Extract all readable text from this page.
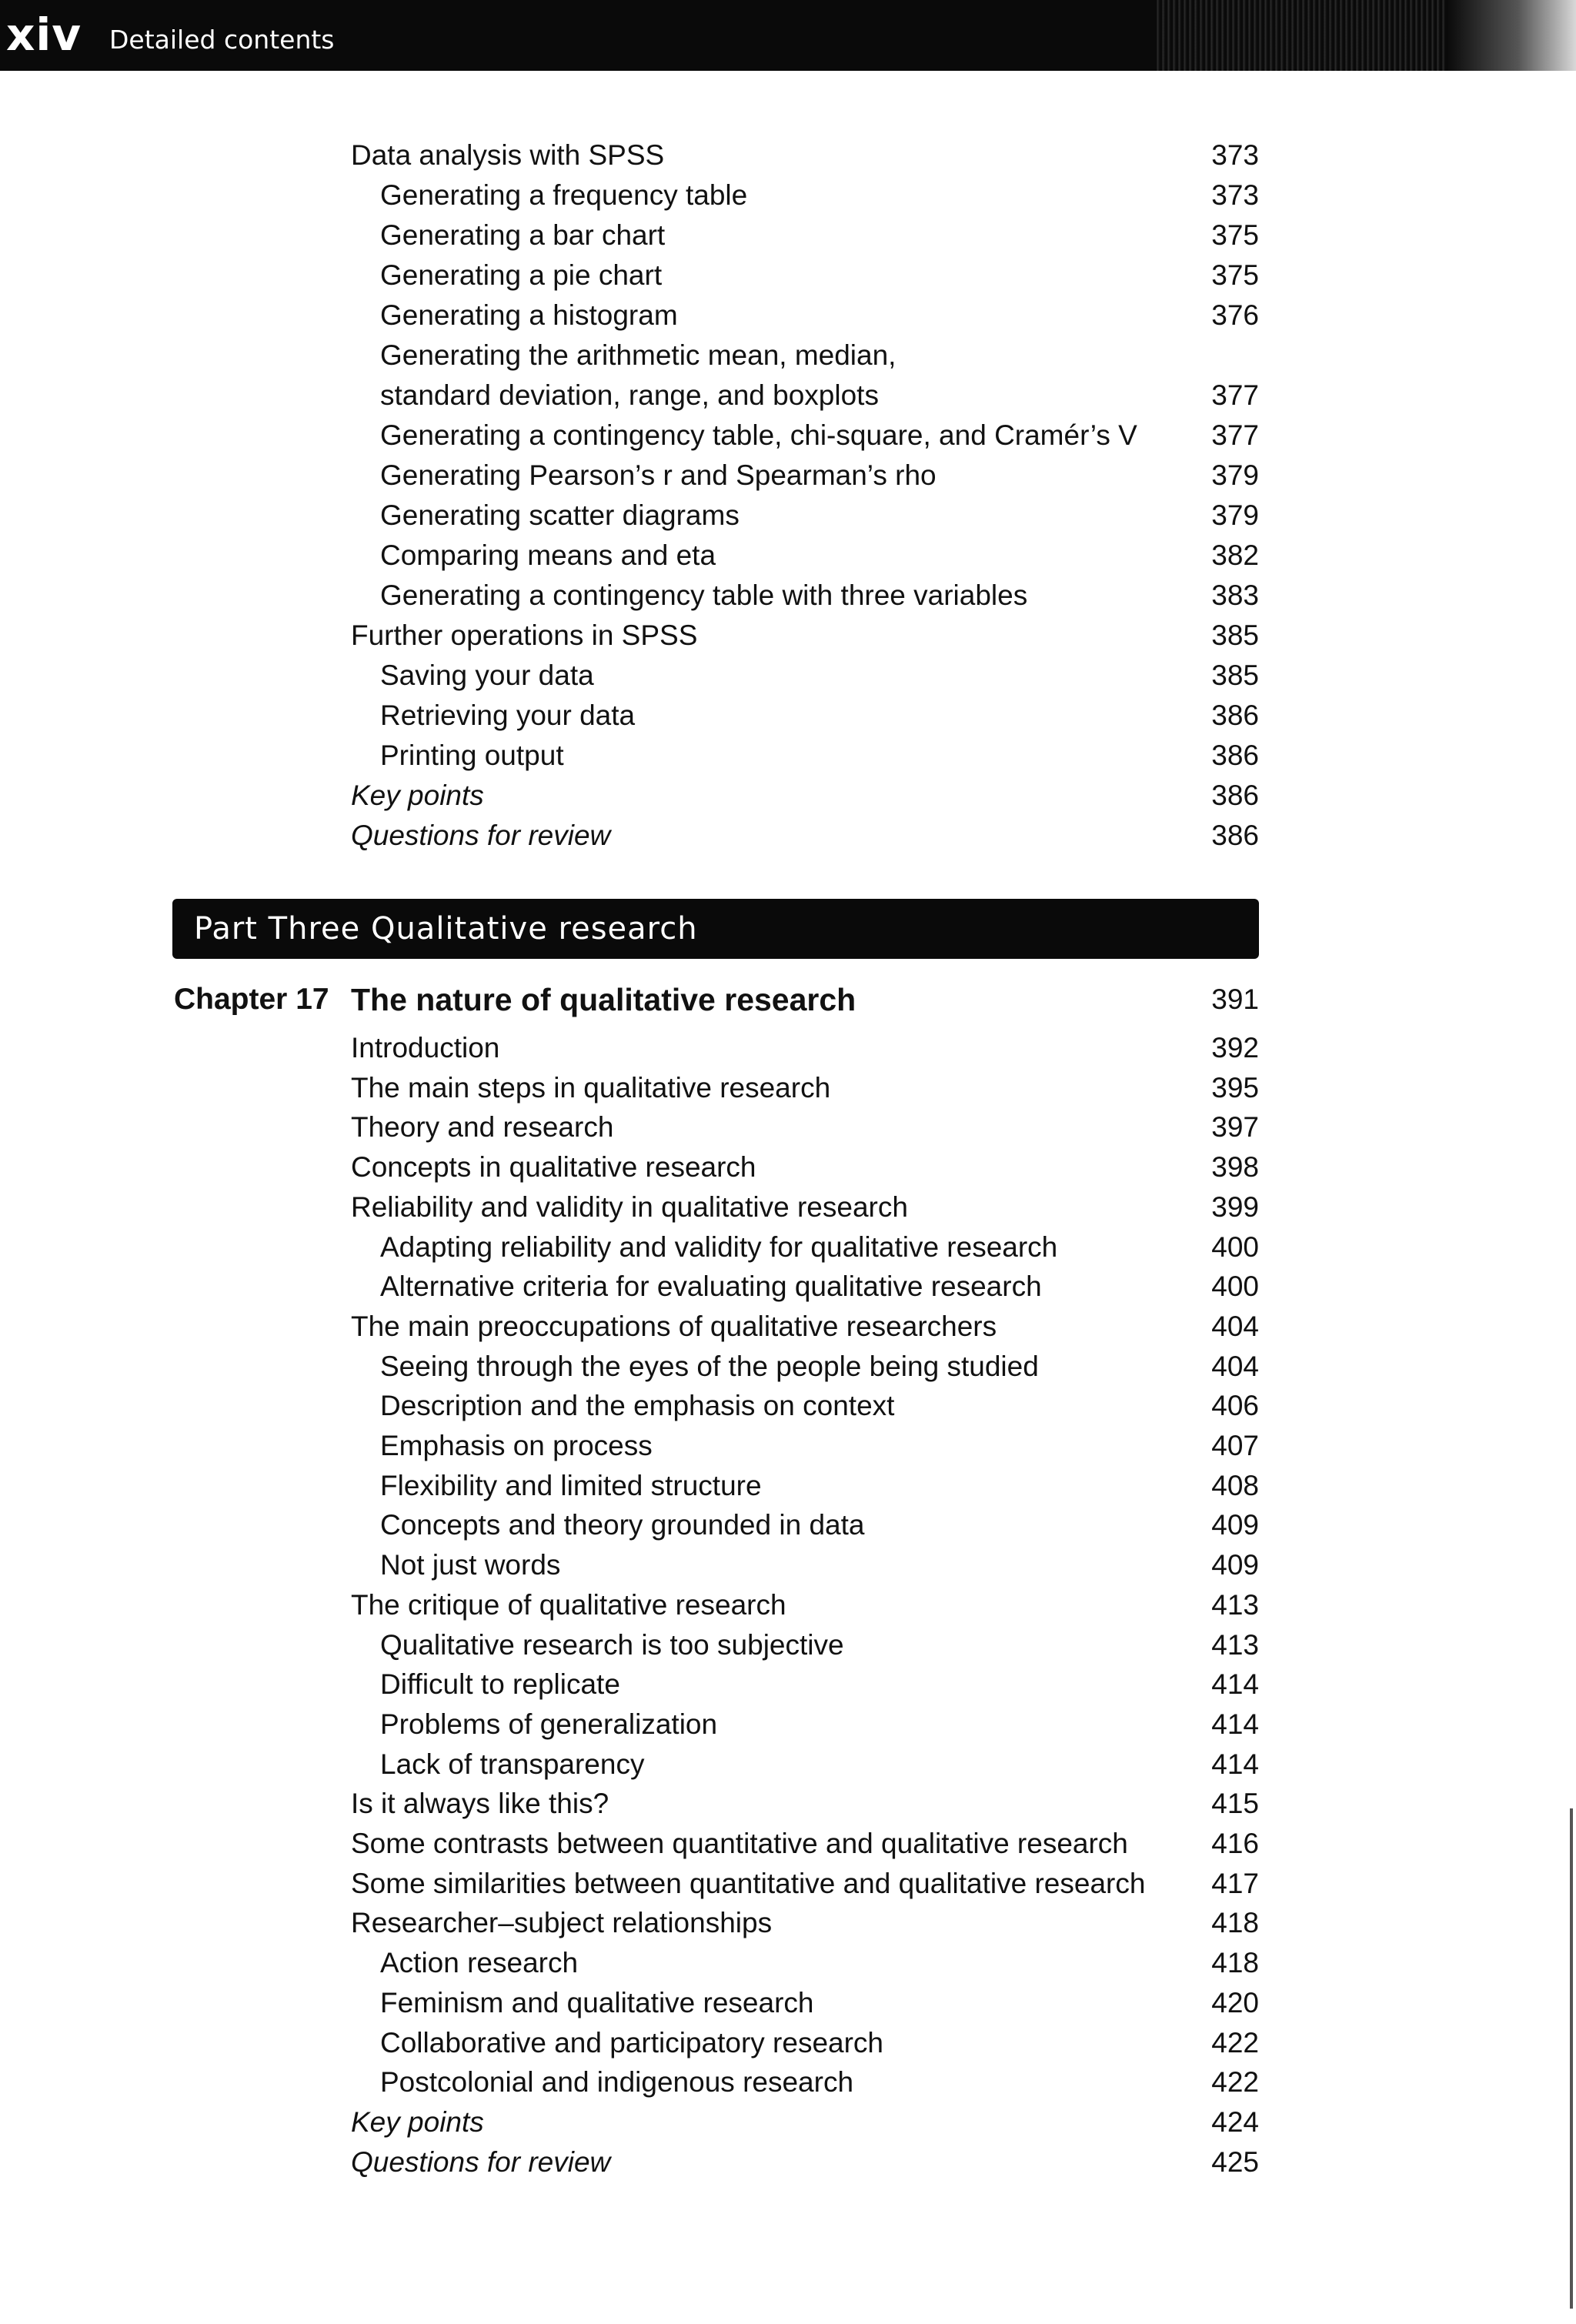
xiv Detailed contents
Data analysis with SPSS	373
Generating a frequency table	373
Generating a bar chart	375
Generating a pie chart	375
Generating a histogram	376
Generating the arithmetic mean, median,
standard deviation, range, and boxplots	377
Generating a contingency table, chi-square, and Cramér’s V	377
Generating Pearson’s r and Spearman’s rho	379
Generating scatter diagrams	379
Comparing means and eta	382
Generating a contingency table with three variables	383
Further operations in SPSS	385
Saving your data	385
Retrieving your data	386
Printing output	386
Key points	386
Questions for review	386
Part Three Qualitative research
Chapter 17 The nature of qualitative research	391
Introduction	392
The main steps in qualitative research	395
Theory and research	397
Concepts in qualitative research	398
Reliability and validity in qualitative research	399
Adapting reliability and validity for qualitative research	400
Alternative criteria for evaluating qualitative research	400
The main preoccupations of qualitative researchers	404
Seeing through the eyes of the people being studied	404
Description and the emphasis on context	406
Emphasis on process	407
Flexibility and limited structure	408
Concepts and theory grounded in data	409
Not just words	409
The critique of qualitative research	413
Qualitative research is too subjective	413
Difficult to replicate	414
Problems of generalization	414
Lack of transparency	414
Is it always like this?	415
Some contrasts between quantitative and qualitative research	416
Some similarities between quantitative and qualitative research	417
Researcher–subject relationships	418
Action research	418
Feminism and qualitative research	420
Collaborative and participatory research	422
Postcolonial and indigenous research	422
Key points	424
Questions for review	425
